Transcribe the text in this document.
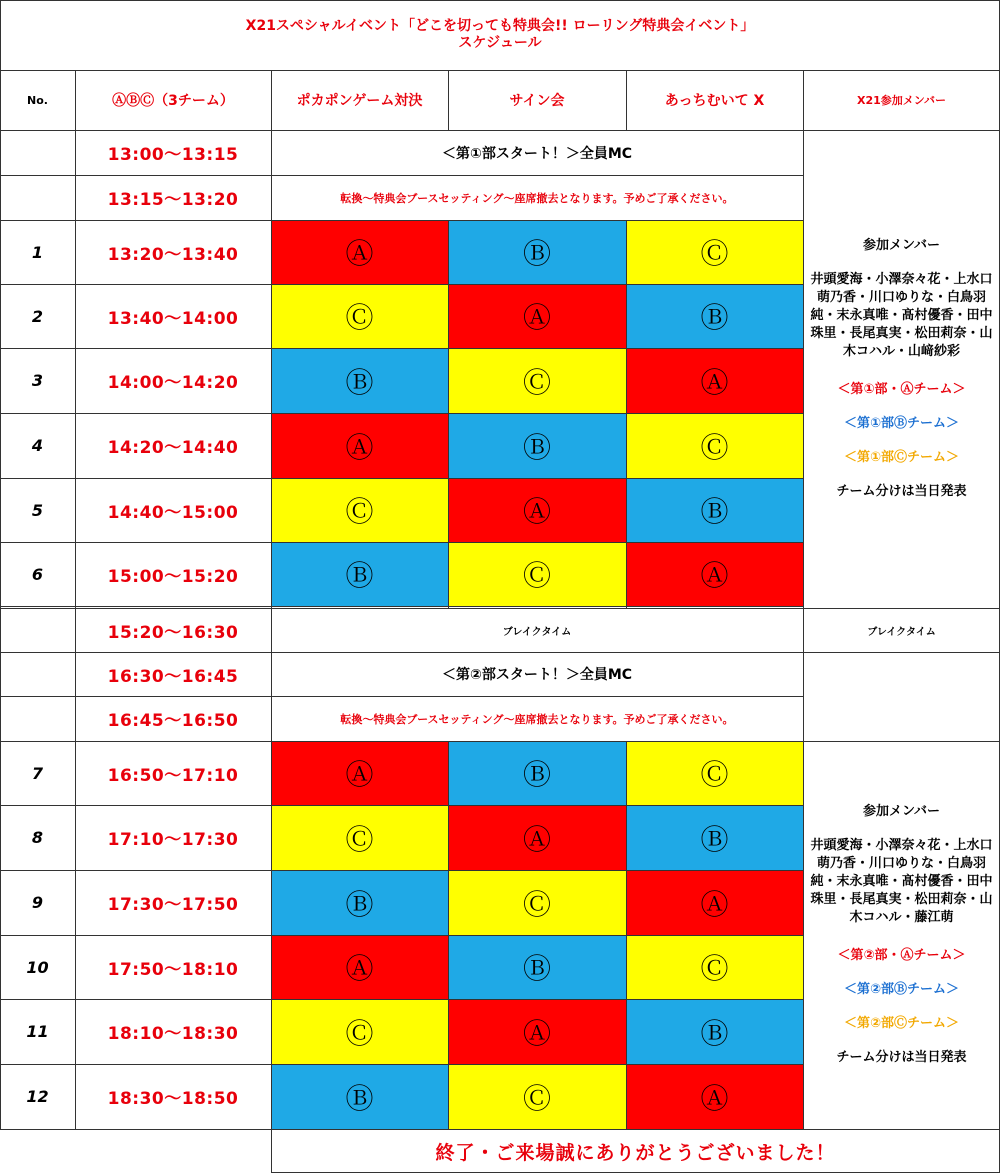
X21スペシャルイベント「どこを切っても特典会!! ローリング特典会イベント」
スケジュール
No.	ⒶⒷⒸ（3チーム）	ポカポンゲーム対決	サイン会	あっちむいて X	X21参加メンバー
13:00〜13:15	＜第①部スタート！＞全員MC
13:15〜13:20	転換〜特典会ブースセッティング〜座席撤去となります。予めご了承ください。
1	13:20〜13:40	Ⓐ	Ⓑ	Ⓒ
2	13:40〜14:00	Ⓒ	Ⓐ	Ⓑ
3	14:00〜14:20	Ⓑ	Ⓒ	Ⓐ
4	14:20〜14:40	Ⓐ	Ⓑ	Ⓒ
5	14:40〜15:00	Ⓒ	Ⓐ	Ⓑ
6	15:00〜15:20	Ⓑ	Ⓒ	Ⓐ
参加メンバー
井頭愛海・小澤奈々花・上水口萌乃香・川口ゆりな・白鳥羽純・末永真唯・髙村優香・田中珠里・長尾真実・松田莉奈・山木コハル・山﨑紗彩
＜第①部・Ⓐチーム＞
＜第①部Ⓑチーム＞
＜第①部Ⓒチーム＞
チーム分けは当日発表
15:20〜16:30	ブレイクタイム	ブレイクタイム
16:30〜16:45	＜第②部スタート！＞全員MC
16:45〜16:50	転換〜特典会ブースセッティング〜座席撤去となります。予めご了承ください。
7	16:50〜17:10	Ⓐ	Ⓑ	Ⓒ
8	17:10〜17:30	Ⓒ	Ⓐ	Ⓑ
9	17:30〜17:50	Ⓑ	Ⓒ	Ⓐ
10	17:50〜18:10	Ⓐ	Ⓑ	Ⓒ
11	18:10〜18:30	Ⓒ	Ⓐ	Ⓑ
12	18:30〜18:50	Ⓑ	Ⓒ	Ⓐ
参加メンバー
井頭愛海・小澤奈々花・上水口萌乃香・川口ゆりな・白鳥羽純・末永真唯・髙村優香・田中珠里・長尾真実・松田莉奈・山木コハル・藤江萌
＜第②部・Ⓐチーム＞
＜第②部Ⓑチーム＞
＜第②部Ⓒチーム＞
チーム分けは当日発表
終了・ご来場誠にありがとうございました！
